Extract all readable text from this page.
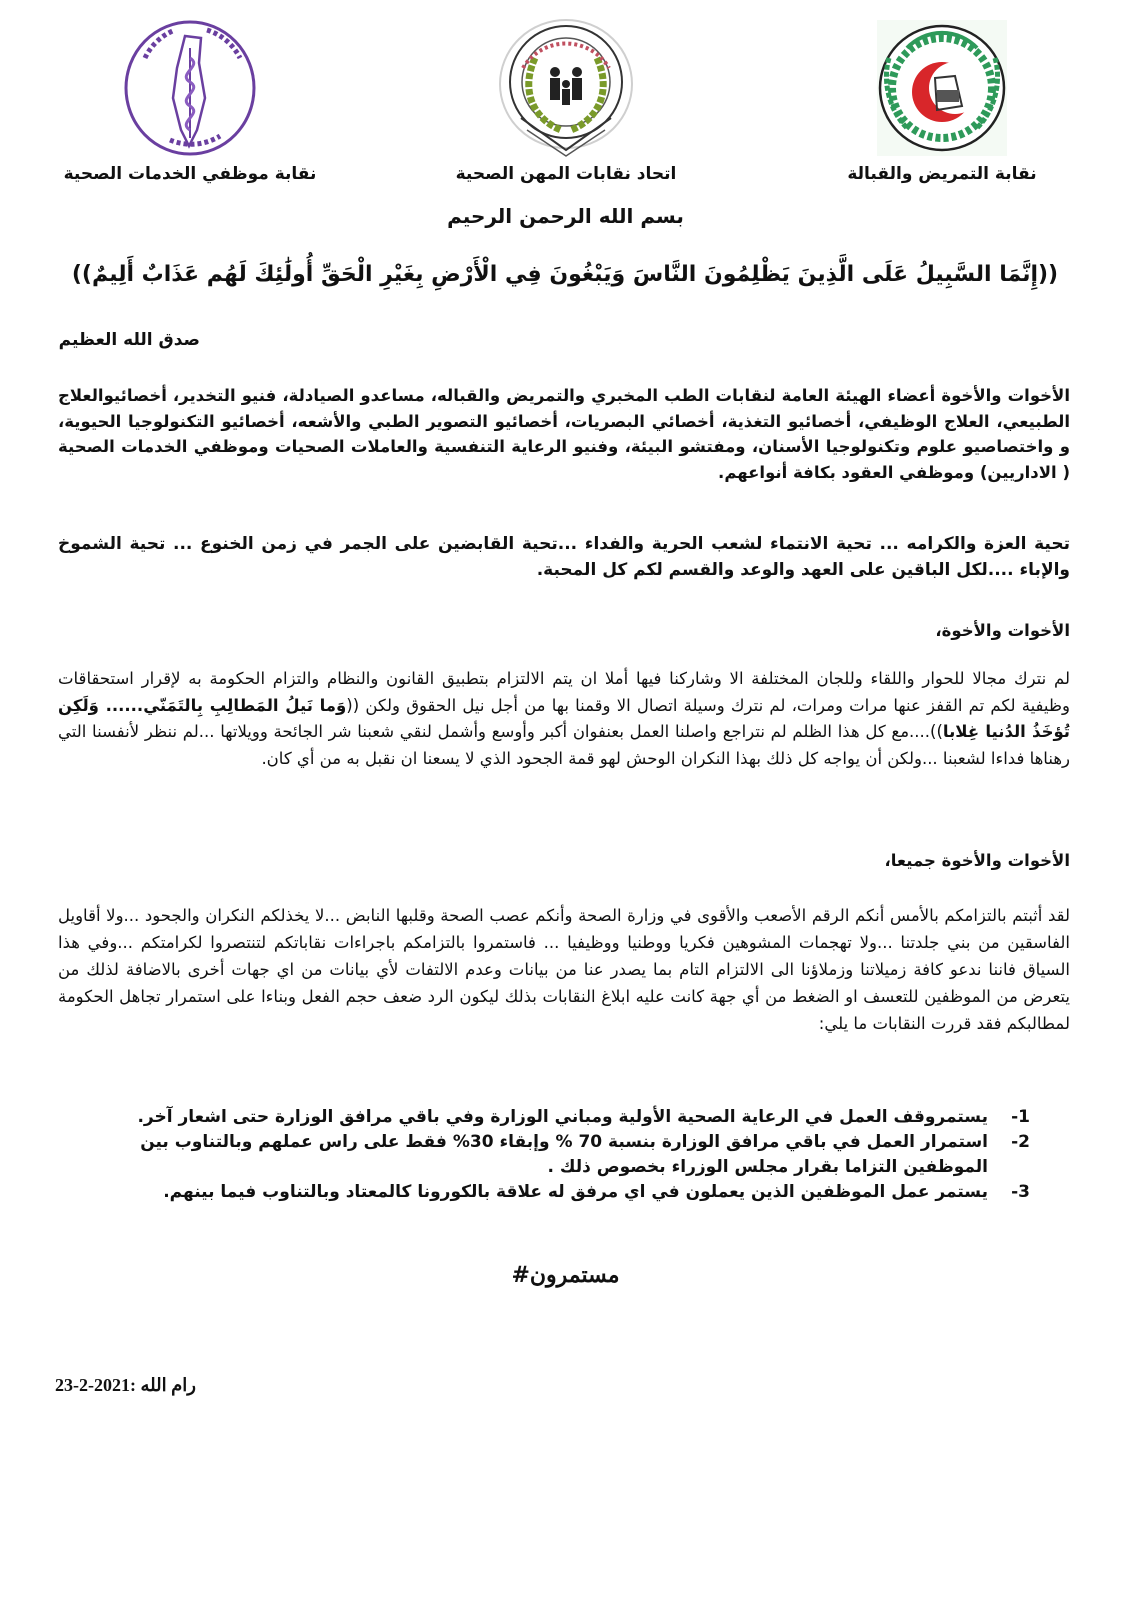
نقابة موظفي الخدمات الصحية	اتحاد نقابات المهن الصحية	نقابة التمريض والقبالة
بسم الله الرحمن الرحيم
((إِنَّمَا السَّبِيلُ عَلَى الَّذِينَ يَظْلِمُونَ النَّاسَ وَيَبْغُونَ فِي الْأَرْضِ بِغَيْرِ الْحَقِّ أُولَٰئِكَ لَهُم عَذَابٌ أَلِيمٌ))
صدق الله العظيم
الأخوات والأخوة أعضاء الهيئة العامة لنقابات الطب المخبري والتمريض والقباله، مساعدو الصيادلة، فنيو التخدير، أخصائيوالعلاج الطبيعي، العلاج الوظيفي، أخصائيو التغذية، أخصائي البصريات، أخصائيو التصوير الطبي والأشعه، أخصائيو التكنولوجيا الحيوية، و واختصاصيو علوم وتكنولوجيا الأسنان، ومفتشو البيئة، وفنيو الرعاية التنفسية والعاملات الصحيات وموظفي الخدمات الصحية ( الاداريين) وموظفي العقود بكافة أنواعهم.
تحية العزة والكرامه ... تحية الانتماء لشعب الحرية والفداء ...تحية القابضين على الجمر في زمن الخنوع ... تحية الشموخ والإباء ....لكل الباقين على العهد والوعد والقسم لكم كل المحبة.
الأخوات والأخوة،
لم نترك مجالا للحوار واللقاء وللجان المختلفة الا وشاركنا فيها أملا ان يتم الالتزام بتطبيق القانون والنظام والتزام الحكومة به لإقرار استحقاقات وظيفية لكم تم القفز عنها مرات ومرات، لم نترك وسيلة اتصال الا وقمنا بها من أجل نيل الحقوق ولكن ((وَما نَيلُ المَطالِبِ بِالتَمَنّي...... وَلَكِن تُؤخَذُ الدُنيا غِلابا))....مع كل هذا الظلم لم نتراجع واصلنا العمل بعنفوان أكبر وأوسع وأشمل لنقي شعبنا شر الجائحة وويلاتها ...لم ننظر لأنفسنا التي رهناها فداءا لشعبنا ...ولكن أن يواجه كل ذلك بهذا النكران الوحش لهو قمة الجحود الذي لا يسعنا ان نقبل به من أي كان.
الأخوات والأخوة جميعا،
لقد أثبتم بالتزامكم بالأمس أنكم الرقم الأصعب والأقوى في وزارة الصحة وأنكم عصب الصحة وقلبها النابض ...لا يخذلكم النكران والجحود ...ولا أقاويل الفاسقين من بني جلدتنا ...ولا تهجمات المشوهين فكريا ووطنيا ووظيفيا ... فاستمروا بالتزامكم باجراءات نقاباتكم لتنتصروا لكرامتكم ...وفي هذا السياق فاننا ندعو كافة زميلاتنا وزملاؤنا الى الالتزام التام بما يصدر عنا من بيانات وعدم الالتفات لأي بيانات من اي جهات أخرى بالاضافة لذلك من يتعرض من الموظفين للتعسف او الضغط من أي جهة كانت عليه ابلاغ النقابات بذلك ليكون الرد ضعف حجم الفعل وبناءا على استمرار تجاهل الحكومة لمطالبكم فقد قررت النقابات ما يلي:
1-
يستمروقف العمل في الرعاية الصحية الأولية ومباني الوزارة وفي باقي مرافق الوزارة حتى اشعار آخر.
2-
استمرار العمل في باقي مرافق الوزارة بنسبة 70 % وإبقاء 30% فقط على راس عملهم وبالتناوب بين الموظفين التزاما بقرار مجلس الوزراء بخصوص ذلك .
3-
يستمر عمل الموظفين الذين يعملون في اي مرفق له علاقة بالكورونا كالمعتاد وبالتناوب فيما بينهم.
#مستمرون
رام الله :2021-2-23
